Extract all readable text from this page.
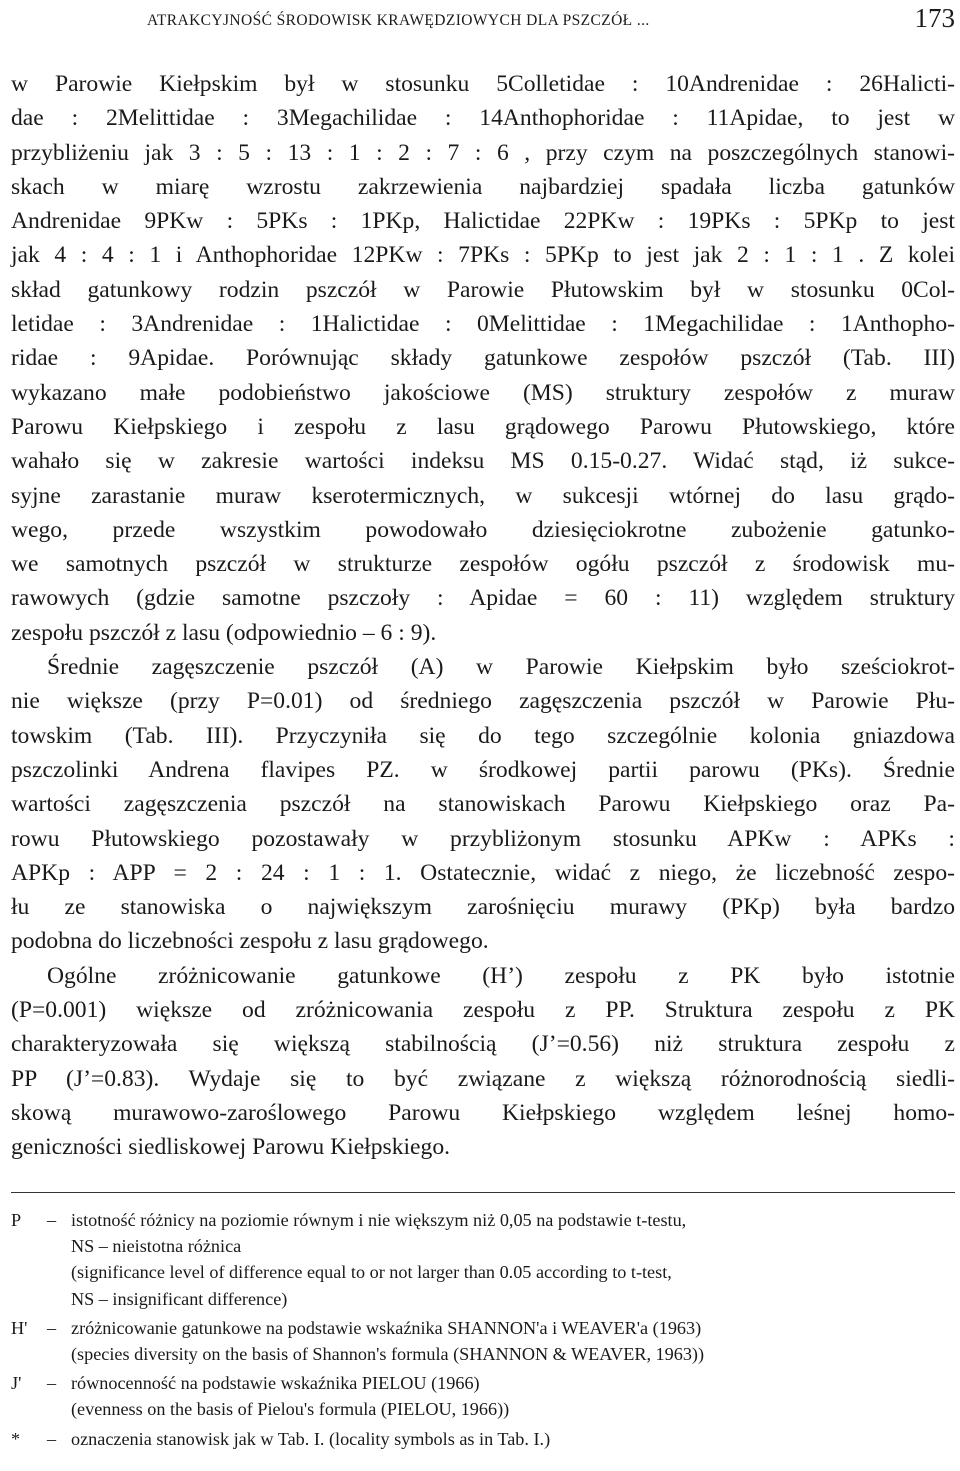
ATRAKCYJNOŚĆ ŚRODOWISK KRAWĘDZIOWYCH DLA PSZCZÓŁ ...	173

w Parowie Kiełpskim był w stosunku 5Colletidae : 10Andrenidae : 26Halicti-
dae : 2Melittidae : 3Megachilidae : 14Anthophoridae : 11Apidae, to jest w
przybliżeniu jak 3 : 5 : 13 : 1 : 2 : 7 : 6 , przy czym na poszczególnych stanowi-
skach w miarę wzrostu zakrzewienia najbardziej spadała liczba gatunków
Andrenidae 9PKw : 5PKs : 1PKp, Halictidae 22PKw : 19PKs : 5PKp to jest
jak 4 : 4 : 1 i Anthophoridae 12PKw : 7PKs : 5PKp to jest jak 2 : 1 : 1 . Z kolei
skład gatunkowy rodzin pszczół w Parowie Płutowskim był w stosunku 0Col-
letidae : 3Andrenidae : 1Halictidae : 0Melittidae : 1Megachilidae : 1Anthopho-
ridae : 9Apidae. Porównując składy gatunkowe zespołów pszczół (Tab. III)
wykazano małe podobieństwo jakościowe (MS) struktury zespołów z muraw
Parowu Kiełpskiego i zespołu z lasu grądowego Parowu Płutowskiego, które
wahało się w zakresie wartości indeksu MS 0.15-0.27. Widać stąd, iż sukce-
syjne zarastanie muraw kserotermicznych, w sukcesji wtórnej do lasu grądo-
wego, przede wszystkim powodowało dziesięciokrotne zubożenie gatunko-
we samotnych pszczół w strukturze zespołów ogółu pszczół z środowisk mu-
rawowych (gdzie samotne pszczoły : Apidae = 60 : 11) względem struktury
zespołu pszczół z lasu (odpowiednio – 6 : 9).

Średnie zagęszczenie pszczół (A) w Parowie Kiełpskim było sześciokrot-
nie większe (przy P=0.01) od średniego zagęszczenia pszczół w Parowie Płu-
towskim (Tab. III). Przyczyniła się do tego szczególnie kolonia gniazdowa
pszczolinki Andrena flavipes PZ. w środkowej partii parowu (PKs). Średnie
wartości zagęszczenia pszczół na stanowiskach Parowu Kiełpskiego oraz Pa-
rowu Płutowskiego pozostawały w przybliżonym stosunku APKw : APKs :
APKp : APP = 2 : 24 : 1 : 1. Ostatecznie, widać z niego, że liczebność zespo-
łu ze stanowiska o największym zarośnięciu murawy (PKp) była bardzo
podobna do liczebności zespołu z lasu grądowego.

Ogólne zróżnicowanie gatunkowe (H’) zespołu z PK było istotnie
(P=0.001) większe od zróżnicowania zespołu z PP. Struktura zespołu z PK
charakteryzowała się większą stabilnością (J’=0.56) niż struktura zespołu z
PP (J’=0.83). Wydaje się to być związane z większą różnorodnością siedli-
skową murawowo-zaroślowego Parowu Kiełpskiego względem leśnej homo-
geniczności siedliskowej Parowu Kiełpskiego.

P	– istotność różnicy na poziomie równym i nie większym niż 0,05 na podstawie t-testu,
NS – nieistotna różnica
(significance level of difference equal to or not larger than 0.05 according to t-test,
NS – insignificant difference)
H'	– zróżnicowanie gatunkowe na podstawie wskaźnika SHANNON'a i WEAVER'a (1963)
(species diversity on the basis of Shannon's formula (SHANNON & WEAVER, 1963))
J'	– równocenność na podstawie wskaźnika PIELOU (1966)
(evenness on the basis of Pielou's formula (PIELOU, 1966))
*	– oznaczenia stanowisk jak w Tab. I. (locality symbols as in Tab. I.)
